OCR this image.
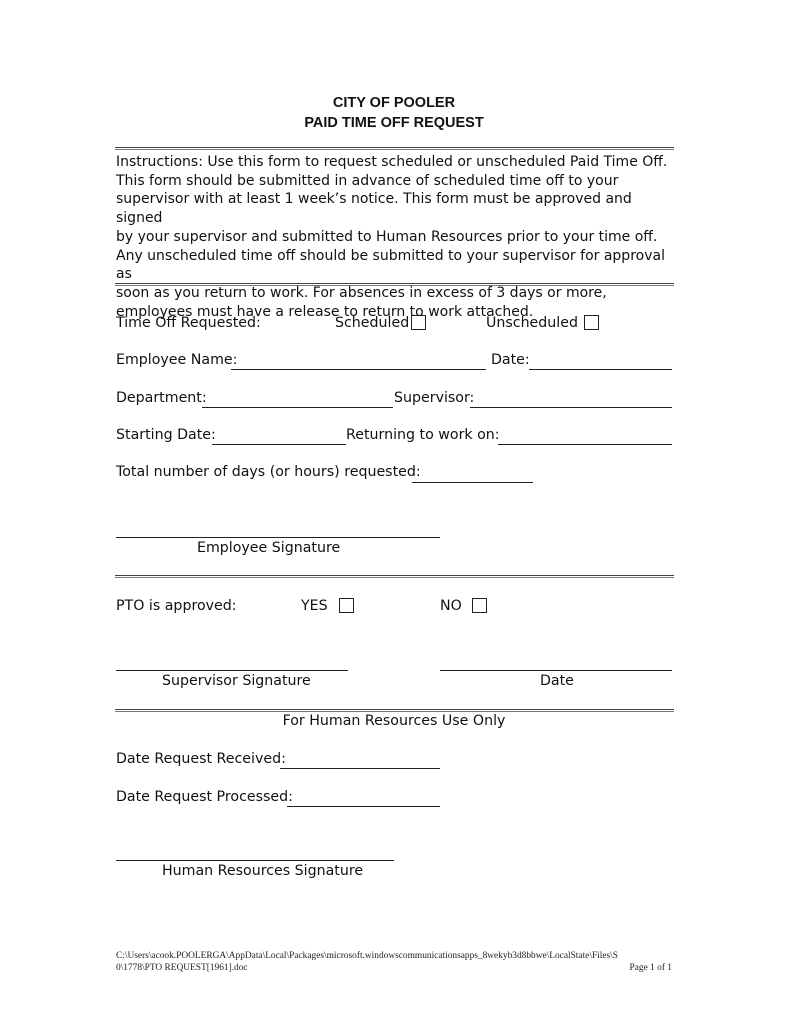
CITY OF POOLER
PAID TIME OFF REQUEST
Instructions: Use this form to request scheduled or unscheduled Paid Time Off.
This form should be submitted in advance of scheduled time off to your
supervisor with at least 1 week’s notice. This form must be approved and signed
by your supervisor and submitted to Human Resources prior to your time off.
Any unscheduled time off should be submitted to your supervisor for approval as
soon as you return to work. For absences in excess of 3 days or more,
employees must have a release to return to work attached.
Time Off Requested:	Scheduled	Unscheduled
Employee Name:	Date:
Department:	Supervisor:
Starting Date:	Returning to work on:
Total number of days (or hours) requested:
Employee Signature
PTO is approved:	YES	NO
Supervisor Signature	Date
For Human Resources Use Only
Date Request Received:
Date Request Processed:
Human Resources Signature
C:\Users\acook.POOLERGA\AppData\Local\Packages\microsoft.windowscommunicationsapps_8wekyb3d8bbwe\LocalState\Files\S
0\1778\PTO REQUEST[1961].doc	Page 1 of 1
